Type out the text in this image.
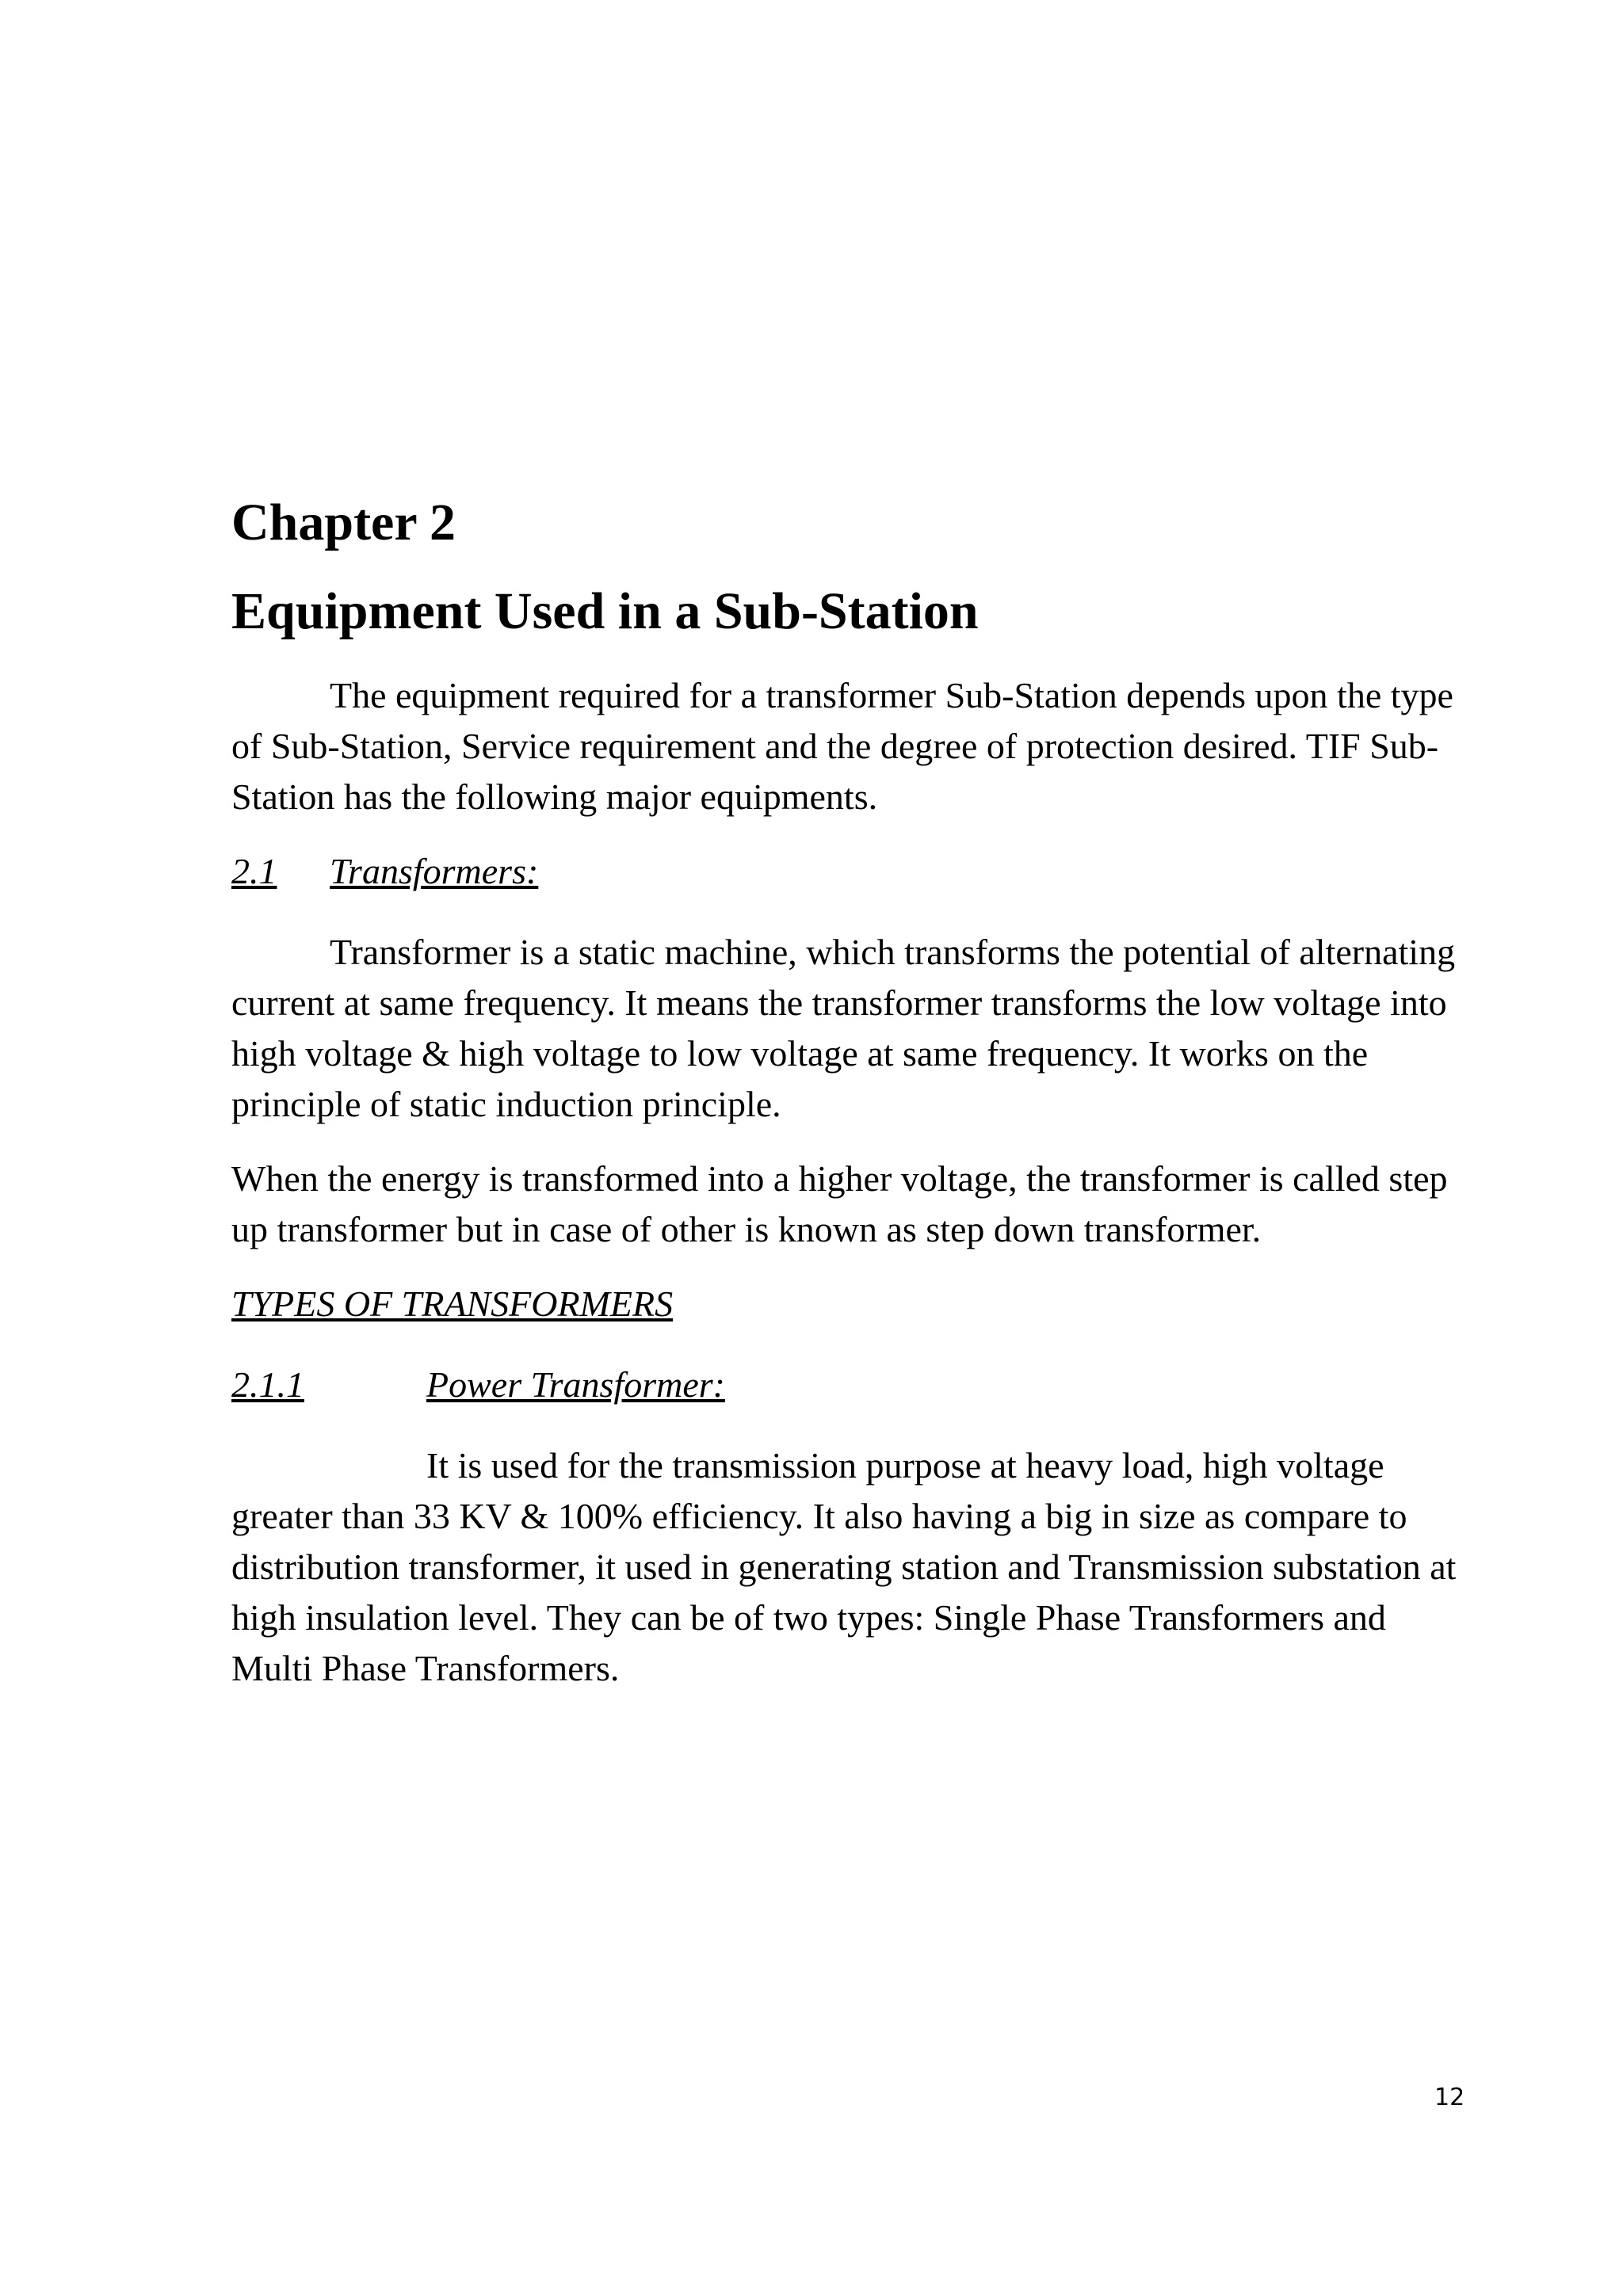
Chapter 2
Equipment Used in a Sub-Station

The equipment required for a transformer Sub-Station depends upon the type of Sub-Station, Service requirement and the degree of protection desired. TIF Sub-Station has the following major equipments.

2.1 Transformers:

Transformer is a static machine, which transforms the potential of alternating current at same frequency. It means the transformer transforms the low voltage into high voltage & high voltage to low voltage at same frequency. It works on the principle of static induction principle.

When the energy is transformed into a higher voltage, the transformer is called step up transformer but in case of other is known as step down transformer.

TYPES OF TRANSFORMERS
2.1.1	Power Transformer:

It is used for the transmission purpose at heavy load, high voltage greater than 33 KV & 100% efficiency. It also having a big in size as compare to distribution transformer, it used in generating station and Transmission substation at high insulation level. They can be of two types: Single Phase Transformers and Multi Phase Transformers.

12
